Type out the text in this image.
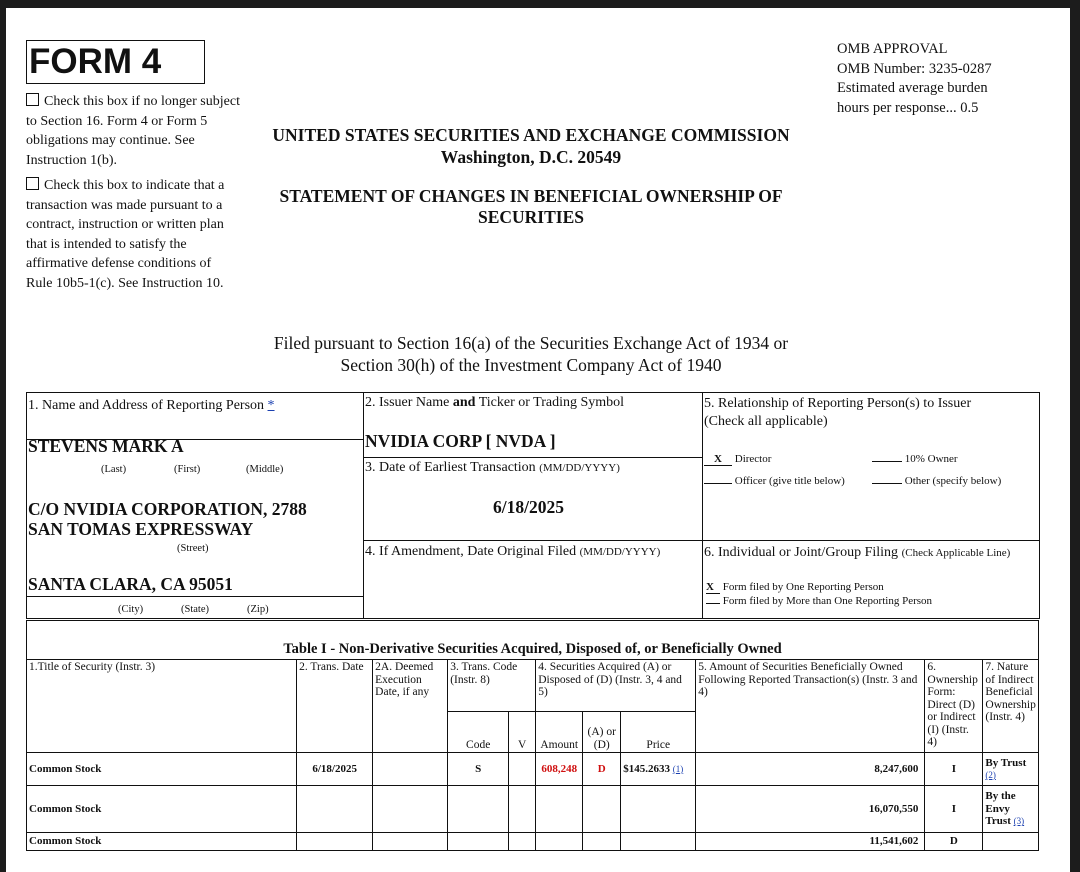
FORM 4
Check this box if no longer subject to Section 16. Form 4 or Form 5 obligations may continue. See Instruction 1(b).
Check this box to indicate that a transaction was made pursuant to a contract, instruction or written plan that is intended to satisfy the affirmative defense conditions of Rule 10b5-1(c). See Instruction 10.
OMB APPROVAL
OMB Number: 3235-0287
Estimated average burden
hours per response... 0.5
UNITED STATES SECURITIES AND EXCHANGE COMMISSION
Washington, D.C. 20549
STATEMENT OF CHANGES IN BENEFICIAL OWNERSHIP OF
SECURITIES
Filed pursuant to Section 16(a) of the Securities Exchange Act of 1934 or
Section 30(h) of the Investment Company Act of 1940
1. Name and Address of Reporting Person *
STEVENS MARK A
(Last)	(First)	(Middle)
C/O NVIDIA CORPORATION, 2788
SAN TOMAS EXPRESSWAY
(Street)
SANTA CLARA, CA 95051
(City)	(State)	(Zip)
2. Issuer Name and Ticker or Trading Symbol
NVIDIA CORP [ NVDA ]
3. Date of Earliest Transaction (MM/DD/YYYY)
6/18/2025
4. If Amendment, Date Original Filed (MM/DD/YYYY)
5. Relationship of Reporting Person(s) to Issuer
(Check all applicable)
X Director	10% Owner
Officer (give title below)	Other (specify below)
6. Individual or Joint/Group Filing (Check Applicable Line)
X Form filed by One Reporting Person
Form filed by More than One Reporting Person
Table I - Non-Derivative Securities Acquired, Disposed of, or Beneficially Owned										
1.Title of Security (Instr. 3)	2. Trans. Date	2A. Deemed Execution Date, if any	3. Trans. Code (Instr. 8)		4. Securities Acquired (A) or Disposed of (D) (Instr. 3, 4 and 5)			5. Amount of Securities Beneficially Owned Following Reported Transaction(s) (Instr. 3 and 4)	6. Ownership Form: Direct (D) or Indirect (I) (Instr. 4)	7. Nature of Indirect Beneficial Ownership (Instr. 4)
			Code	V	Amount	(A) or (D)	Price			
Common Stock	6/18/2025		S		608,248	D	$145.2633 $^{(1)}$	8,247,600	I	By Trust $^{(2)}$
Common Stock								16,070,550	I	By the Envy Trust $^{(3)}$
Common Stock								11,541,602	D	
